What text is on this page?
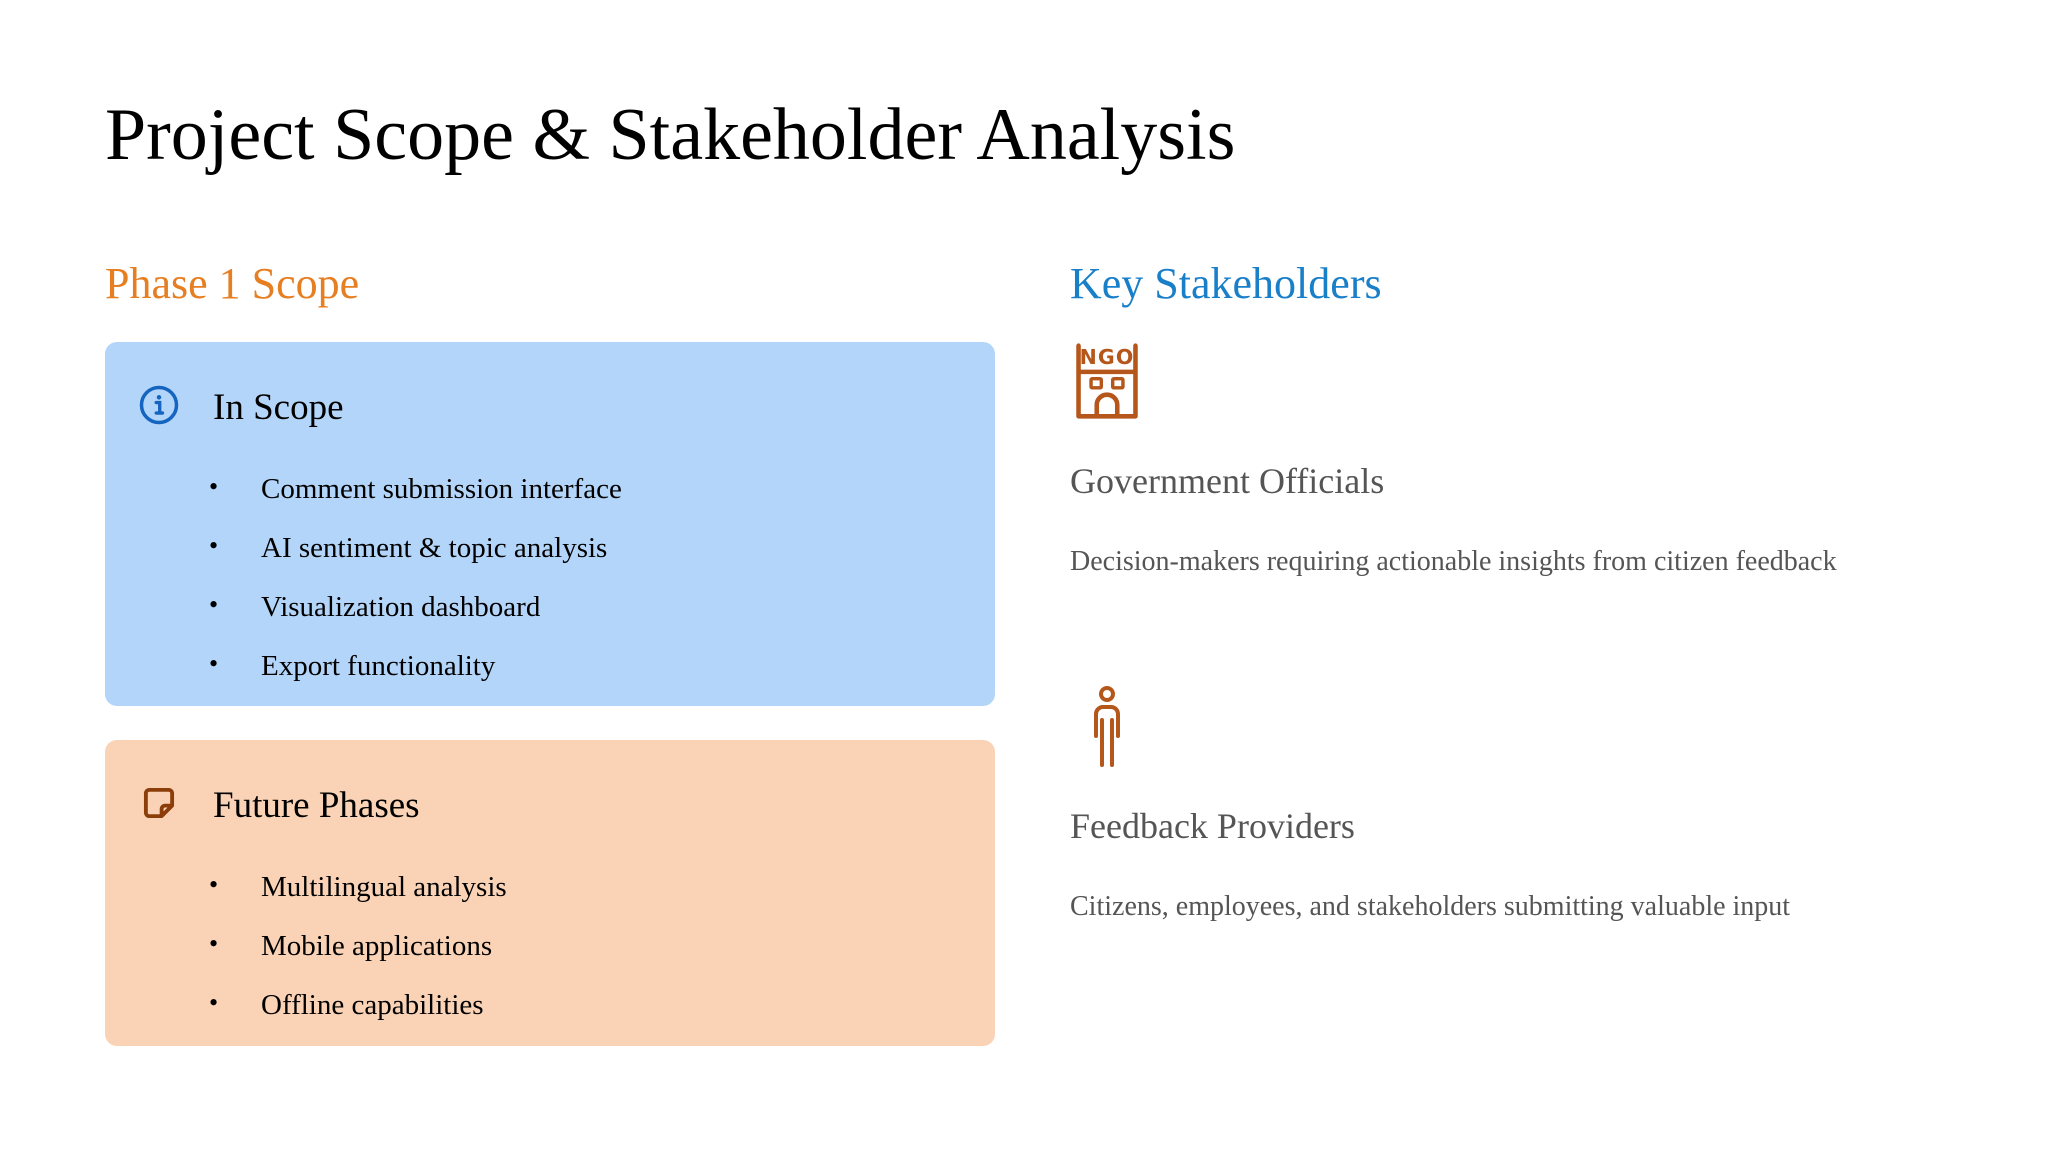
Project Scope & Stakeholder Analysis
Phase 1 Scope
In Scope
• Comment submission interface
• AI sentiment & topic analysis
• Visualization dashboard
• Export functionality
Future Phases
• Multilingual analysis
• Mobile applications
• Offline capabilities
Key Stakeholders
NGO
Government Officials

Decision-makers requiring actionable insights from citizen feedback

Feedback Providers

Citizens, employees, and stakeholders submitting valuable input
